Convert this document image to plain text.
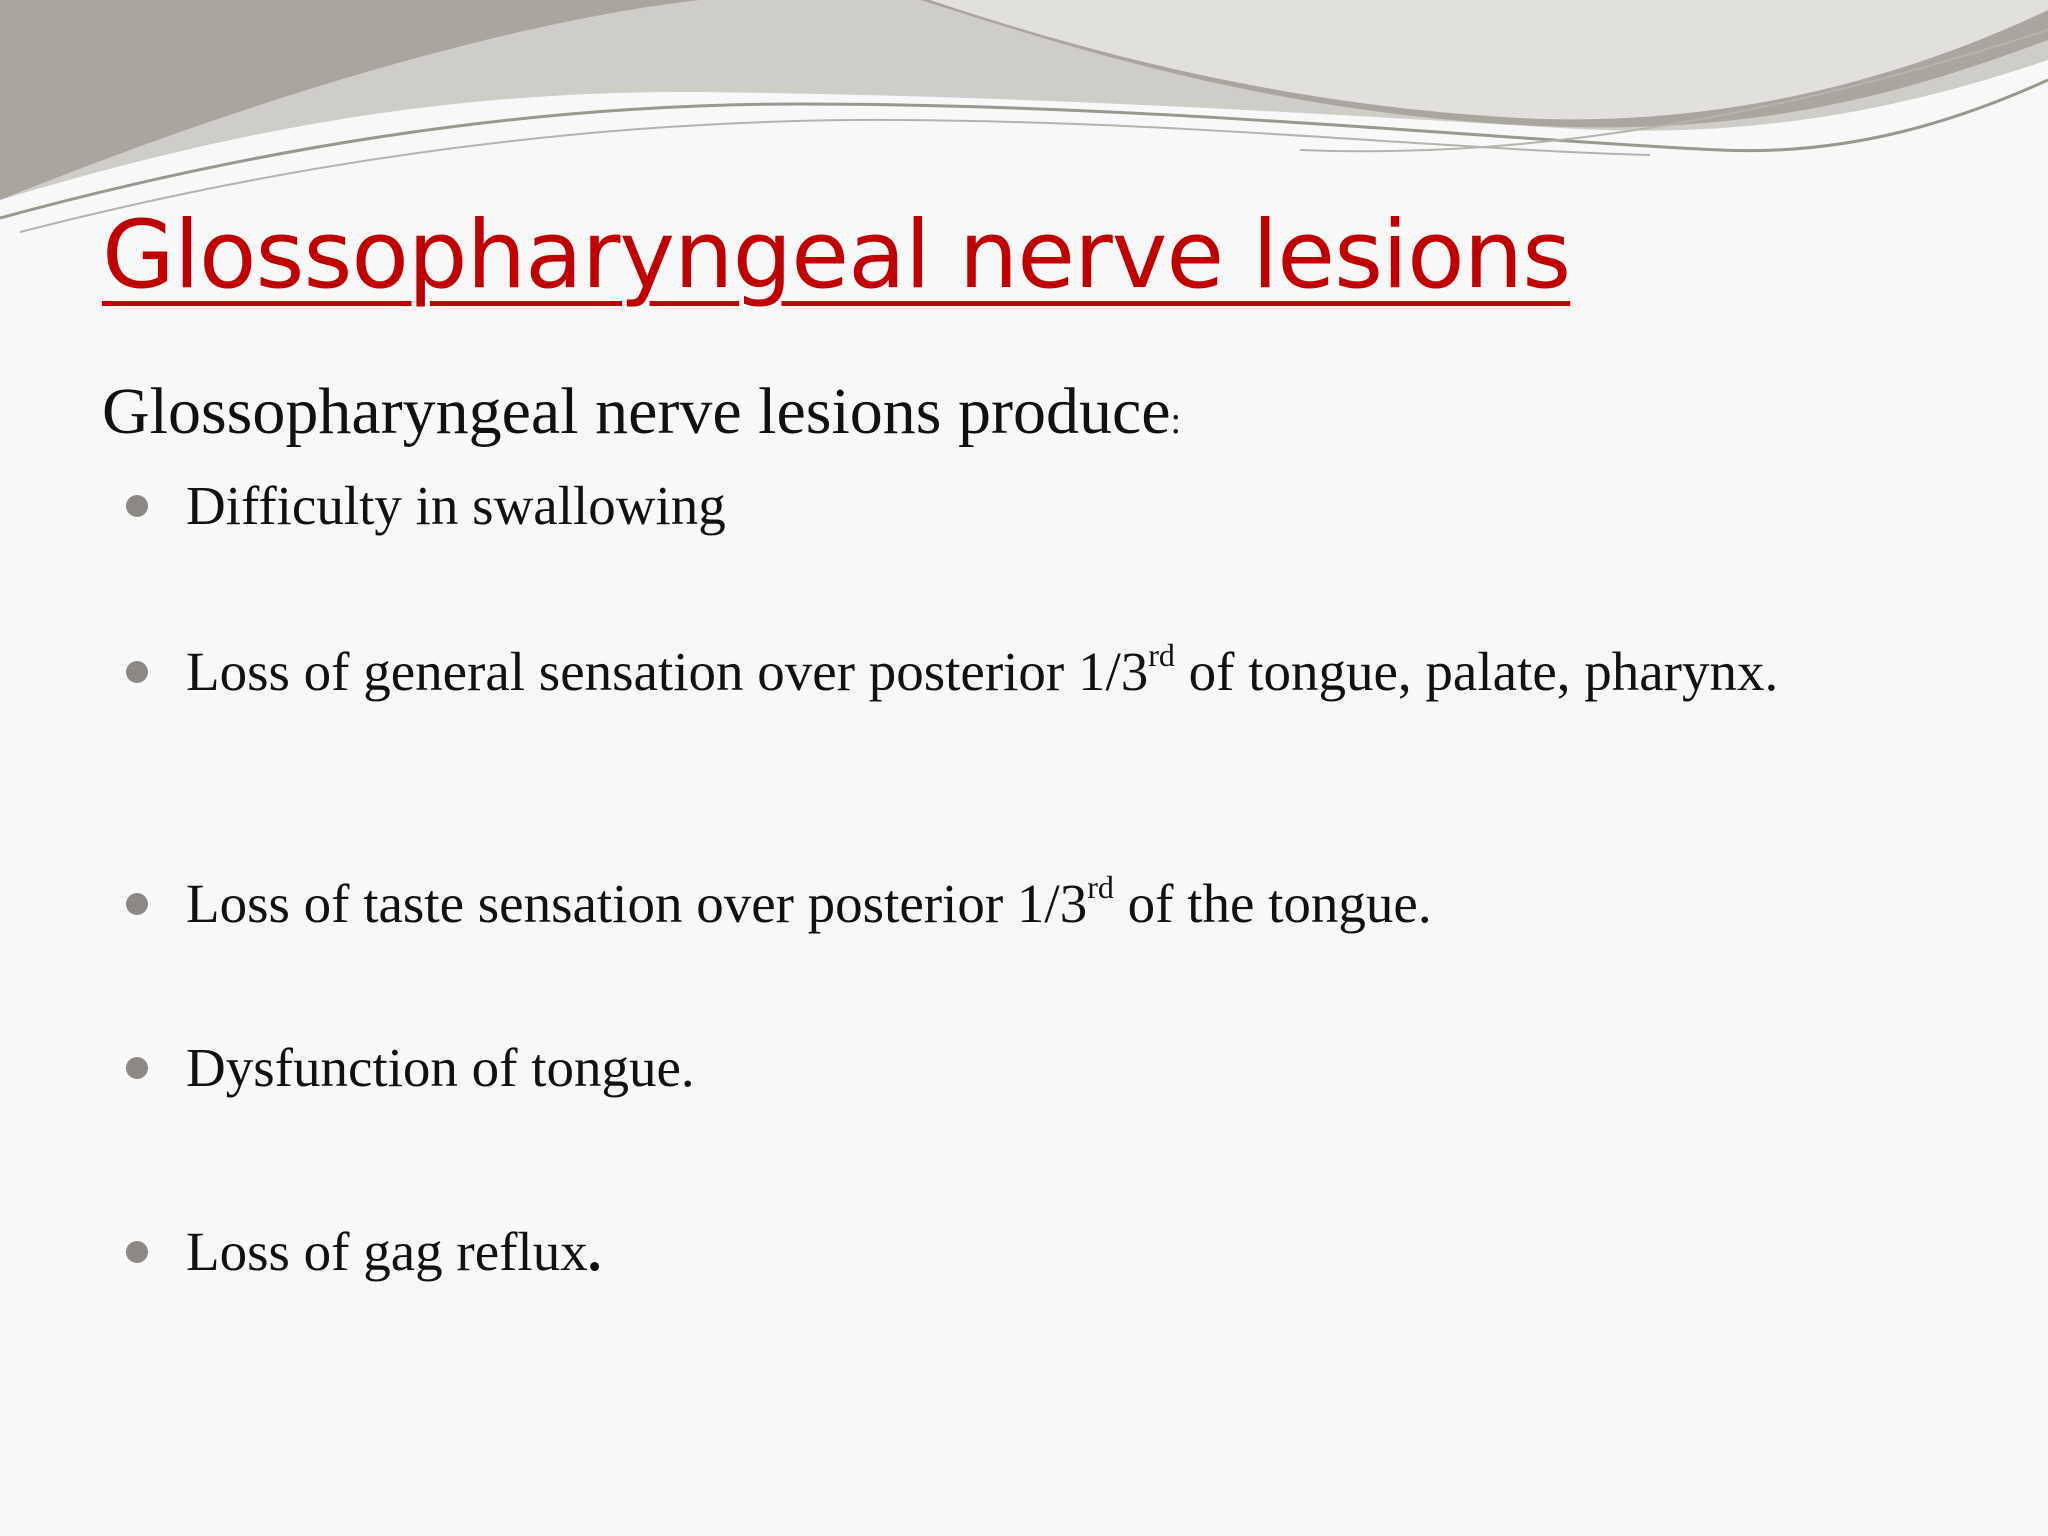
Glossopharyngeal nerve lesions
Glossopharyngeal nerve lesions produce:
Difficulty in swallowing
Loss of general sensation over posterior 1/3rd of tongue, palate, pharynx.
Loss of taste sensation over posterior 1/3rd of the tongue.
Dysfunction of tongue.
Loss of gag reflux.
